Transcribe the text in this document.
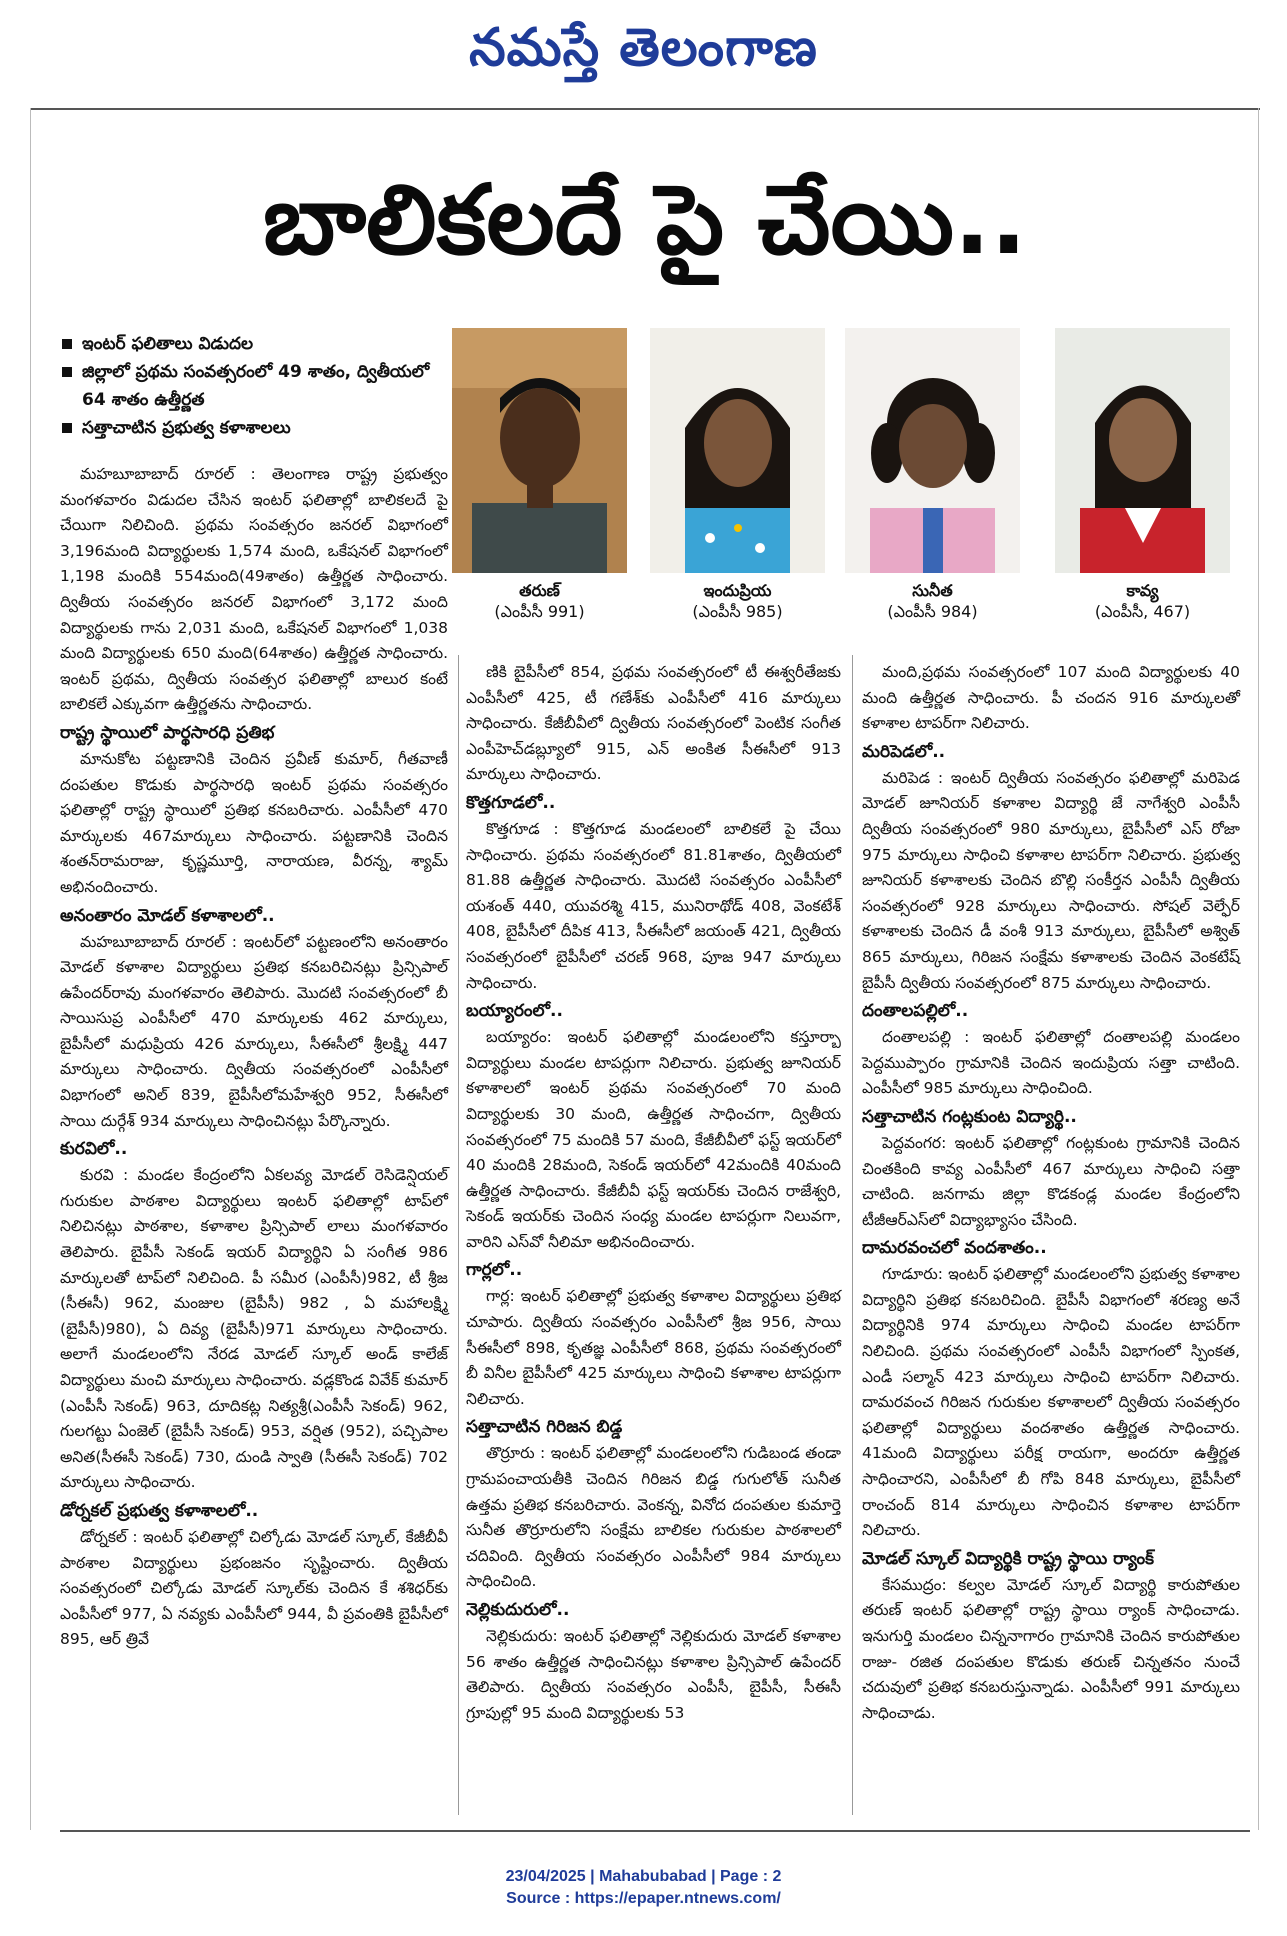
నమస్తే తెలంగాణ
బాలికలదే పై చేయి..
ఇంటర్ ఫలితాలు విడుదల
జిల్లాలో ప్రథమ సంవత్సరంలో 49 శాతం, ద్వితీయలో 64 శాతం ఉత్తీర్ణత
సత్తాచాటిన ప్రభుత్వ కళాశాలలు
తరుణ్
(ఎంపీసీ 991)
ఇందుప్రియ
(ఎంపీసీ 985)
సునీత
(ఎంపీసీ 984)
కావ్య
(ఎంపీసీ, 467)

మహబూబాబాద్ రూరల్ : తెలంగాణ రాష్ట్ర ప్రభుత్వం మంగళవారం విడుదల చేసిన ఇంటర్ ఫలితాల్లో బాలికలదే పై చేయిగా నిలిచింది. ప్రథమ సంవత్సరం జనరల్ విభాగంలో 3,196మంది విద్యార్థులకు 1,574 మంది, ఒకేషనల్ విభాగంలో 1,198 మందికి 554మంది(49శాతం) ఉత్తీర్ణత సాధించారు. ద్వితీయ సంవత్సరం జనరల్ విభాగంలో 3,172 మంది విద్యార్థులకు గాను 2,031 మంది, ఒకేషనల్ విభాగంలో 1,038 మంది విద్యార్థులకు 650 మంది(64శాతం) ఉత్తీర్ణత సాధించారు. ఇంటర్ ప్రథమ, ద్వితీయ సంవత్సర ఫలితాల్లో బాలుర కంటే బాలికలే ఎక్కువగా ఉత్తీర్ణతను సాధించారు.

రాష్ట్ర స్థాయిలో పార్థసారధి ప్రతిభ

మానుకోట పట్టణానికి చెందిన ప్రవీణ్ కుమార్, గీతవాణీ దంపతుల కొడుకు పార్థసారధి ఇంటర్ ప్రథమ సంవత్సరం ఫలితాల్లో రాష్ట్ర స్థాయిలో ప్రతిభ కనబరిచారు. ఎంపీసీలో 470 మార్కులకు 467మార్కులు సాధించారు. పట్టణానికి చెందిన శంతన్‌రామరాజు, కృష్ణమూర్తి, నారాయణ, వీరన్న, శ్యామ్ అభినందించారు.

అనంతారం మోడల్ కళాశాలలో..

మహబూబాబాద్ రూరల్ : ఇంటర్‌లో పట్టణంలోని అనంతారం మోడల్ కళాశాల విద్యార్థులు ప్రతిభ కనబరిచినట్లు ప్రిన్సిపాల్ ఉపేందర్‌రావు మంగళవారం తెలిపారు. మొదటి సంవత్సరంలో బీ సాయిసుప్ర ఎంపీసీలో 470 మార్కులకు 462 మార్కులు, బైపీసీలో మధుప్రియ 426 మార్కులు, సీఈసీలో శ్రీలక్ష్మి 447 మార్కులు సాధించారు. ద్వితీయ సంవత్సరంలో ఎంపీసీలో విభాగంలో అనిల్ 839, బైపీసీలోమహేశ్వరి 952, సీఈసీలో సాయి దుర్గేశ్ 934 మార్కులు సాధించినట్లు పేర్కొన్నారు.

కురవిలో..

కురవి : మండల కేంద్రంలోని ఏకలవ్య మోడల్ రెసిడెన్షియల్ గురుకుల పాఠశాల విద్యార్థులు ఇంటర్ ఫలితాల్లో టాప్‌లో నిలిచినట్లు పాఠశాల, కళాశాల ప్రిన్సిపాల్ లాలు మంగళవారం తెలిపారు. బైపీసీ సెకండ్ ఇయర్ విద్యార్థిని ఏ సంగీత 986 మార్కులతో టాప్‌లో నిలిచింది. పీ సమీర (ఎంపీసీ)982, టీ శ్రీజ (సీఈసీ) 962, మంజుల (బైపీసీ) 982 , ఏ మహాలక్ష్మి (బైపీసీ)980), ఏ దివ్య (బైపీసీ)971 మార్కులు సాధించారు. అలాగే మండలంలోని నేరడ మోడల్ స్కూల్ అండ్ కాలేజ్ విద్యార్థులు మంచి మార్కులు సాధించారు. వడ్లకొండ వివేక్ కుమార్ (ఎంపీసీ సెకండ్) 963, దూదికట్ల నిత్యశ్రీ(ఎంపీసీ సెకండ్) 962, గులగట్టు ఏంజెల్ (బైపీసీ సెకండ్) 953, వర్షిత (952), పచ్చిపాల అనిత(సీఈసీ సెకండ్) 730, దుండి స్వాతి (సీఈసీ సెకండ్) 702 మార్కులు సాధించారు.

డోర్నకల్ ప్రభుత్వ కళాశాలలో..

డోర్నకల్ : ఇంటర్ ఫలితాల్లో చిల్కోడు మోడల్ స్కూల్, కేజీబీవీ పాఠశాల విద్యార్థులు ప్రభంజనం సృష్టించారు. ద్వితీయ సంవత్సరంలో చిల్కోడు మోడల్ స్కూల్‌కు చెందిన కే శశిధర్‌కు ఎంపీసీలో 977, ఏ నవ్యకు ఎంపీసీలో 944, వీ ప్రవంతికి బైపీసీలో 895, ఆర్ త్రివే

ణికి బైపీసీలో 854, ప్రథమ సంవత్సరంలో టీ ఈశ్వరీతేజకు ఎంపీసీలో 425, టీ గణేశ్‌కు ఎంపీసీలో 416 మార్కులు సాధించారు. కేజీబీవీలో ద్వితీయ సంవత్సరంలో పెంటిక సంగీత ఎంపీహెచ్‌డబ్ల్యూలో 915, ఎన్ అంకిత సీఈసీలో 913 మార్కులు సాధించారు.

కొత్తగూడలో..

కొత్తగూడ : కొత్తగూడ మండలంలో బాలికలే పై చేయి సాధించారు. ప్రథమ సంవత్సరంలో 81.81శాతం, ద్వితీయలో 81.88 ఉత్తీర్ణత సాధించారు. మొదటి సంవత్సరం ఎంపీసీలో యశంత్ 440, యువరశ్మి 415, మునిరాథోడ్ 408, వెంకటేశ్ 408, బైపీసీలో దీపిక 413, సీఈసీలో జయంత్ 421, ద్వితీయ సంవత్సరంలో బైపీసీలో చరణ్ 968, పూజ 947 మార్కులు సాధించారు.

బయ్యారంలో..

బయ్యారం: ఇంటర్ ఫలితాల్లో మండలంలోని కస్తూర్బా విద్యార్థులు మండల టాపర్లుగా నిలిచారు. ప్రభుత్వ జూనియర్ కళాశాలలో ఇంటర్ ప్రథమ సంవత్సరంలో 70 మంది విద్యార్థులకు 30 మంది, ఉత్తీర్ణత సాధించగా, ద్వితీయ సంవత్సరంలో 75 మందికి 57 మంది, కేజీబీవీలో ఫస్ట్ ఇయర్‌లో 40 మందికి 28మంది, సెకండ్ ఇయర్‌లో 42మందికి 40మంది ఉత్తీర్ణత సాధించారు. కేజీబీవీ ఫస్ట్ ఇయర్‌కు చెందిన రాజేశ్వరి, సెకండ్ ఇయర్‌కు చెందిన సంధ్య మండల టాపర్లుగా నిలువగా, వారిని ఎస్‌వో నీలిమా అభినందించారు.

గార్లలో..

గార్ల: ఇంటర్ ఫలితాల్లో ప్రభుత్వ కళాశాల విద్యార్థులు ప్రతిభ చూపారు. ద్వితీయ సంవత్సరం ఎంపీసీలో శ్రీజ 956, సాయి సీఈసీలో 898, కృతజ్ఞ ఎంపీసీలో 868, ప్రథమ సంవత్సరంలో బీ వినీల బైపీసీలో 425 మార్కులు సాధించి కళాశాల టాపర్లుగా నిలిచారు.

సత్తాచాటిన గిరిజన బిడ్డ

తొర్రూరు : ఇంటర్ ఫలితాల్లో మండలంలోని గుడిబండ తండా గ్రామపంచాయతీకి చెందిన గిరిజన బిడ్డ గుగులోత్ సునీత ఉత్తమ ప్రతిభ కనబరిచారు. వెంకన్న, వినోద దంపతుల కుమార్తె సునీత తొర్రూరులోని సంక్షేమ బాలికల గురుకుల పాఠశాలలో చదివింది. ద్వితీయ సంవత్సరం ఎంపీసీలో 984 మార్కులు సాధించింది.

నెల్లికుదురులో..

నెల్లికుదురు: ఇంటర్ ఫలితాల్లో నెల్లికుదురు మోడల్ కళాశాల 56 శాతం ఉత్తీర్ణత సాధించినట్లు కళాశాల ప్రిన్సిపాల్ ఉపేందర్ తెలిపారు. ద్వితీయ సంవత్సరం ఎంపీసీ, బైపీసీ, సీఈసీ గ్రూపుల్లో 95 మంది విద్యార్థులకు 53

మంది,ప్రథమ సంవత్సరంలో 107 మంది విద్యార్థులకు 40 మంది ఉత్తీర్ణత సాధించారు. పీ చందన 916 మార్కులతో కళాశాల టాపర్‌గా నిలిచారు.

మరిపెడలో..

మరిపెడ : ఇంటర్ ద్వితీయ సంవత్సరం ఫలితాల్లో మరిపెడ మోడల్ జూనియర్ కళాశాల విద్యార్థి జే నాగేశ్వరి ఎంపీసీ ద్వితీయ సంవత్సరంలో 980 మార్కులు, బైపీసీలో ఎస్ రోజా 975 మార్కులు సాధించి కళాశాల టాపర్‌గా నిలిచారు. ప్రభుత్వ జూనియర్ కళాశాలకు చెందిన బొల్లి సంకీర్తన ఎంపీసీ ద్వితీయ సంవత్సరంలో 928 మార్కులు సాధించారు. సోషల్ వెల్ఫేర్ కళాశాలకు చెందిన డీ వంశీ 913 మార్కులు, బైపీసీలో అశ్విత్ 865 మార్కులు, గిరిజన సంక్షేమ కళాశాలకు చెందిన వెంకటేష్ బైపీసీ ద్వితీయ సంవత్సరంలో 875 మార్కులు సాధించారు.

దంతాలపల్లిలో..

దంతాలపల్లి : ఇంటర్ ఫలితాల్లో దంతాలపల్లి మండలం పెద్దముప్పారం గ్రామానికి చెందిన ఇందుప్రియ సత్తా చాటింది. ఎంపీసీలో 985 మార్కులు సాధించింది.

సత్తాచాటిన గంట్లకుంట విద్యార్థి..

పెద్దవంగర: ఇంటర్ ఫలితాల్లో గంట్లకుంట గ్రామానికి చెందిన చింతకింది కావ్య ఎంపీసీలో 467 మార్కులు సాధించి సత్తా చాటింది. జనగామ జిల్లా కొడకండ్ల మండల కేంద్రంలోని టీజీఆర్ఎస్‌లో విద్యాభ్యాసం చేసింది.

దామరవంచలో వందశాతం..

గూడూరు: ఇంటర్ ఫలితాల్లో మండలంలోని ప్రభుత్వ కళాశాల విద్యార్థిని ప్రతిభ కనబరిచింది. బైపీసీ విభాగంలో శరణ్య అనే విద్యార్థినికి 974 మార్కులు సాధించి మండల టాపర్‌గా నిలిచింది. ప్రథమ సంవత్సరంలో ఎంపీసీ విభాగంలో స్పింకత, ఎండీ సల్మాన్ 423 మార్కులు సాధించి టాపర్‌గా నిలిచారు. దామరవంచ గిరిజన గురుకుల కళాశాలలో ద్వితీయ సంవత్సరం ఫలితాల్లో విద్యార్థులు వందశాతం ఉత్తీర్ణత సాధించారు. 41మంది విద్యార్థులు పరీక్ష రాయగా, అందరూ ఉత్తీర్ణత సాధించారని, ఎంపీసీలో బీ గోపి 848 మార్కులు, బైపీసీలో రాంచంద్ 814 మార్కులు సాధించిన కళాశాల టాపర్‌గా నిలిచారు.

మోడల్ స్కూల్ విద్యార్థికి రాష్ట్ర స్థాయి ర్యాంక్

కేసముద్రం: కల్వల మోడల్ స్కూల్ విద్యార్థి కారుపోతుల తరుణ్ ఇంటర్ ఫలితాల్లో రాష్ట్ర స్థాయి ర్యాంక్ సాధించాడు. ఇనుగుర్తి మండలం చిన్ననాగారం గ్రామానికి చెందిన కారుపోతుల రాజు- రజిత దంపతుల కొడుకు తరుణ్ చిన్నతనం నుంచే చదువులో ప్రతిభ కనబరుస్తున్నాడు. ఎంపీసీలో 991 మార్కులు సాధించాడు.

23/04/2025 | Mahabubabad | Page : 2
Source : https://epaper.ntnews.com/
